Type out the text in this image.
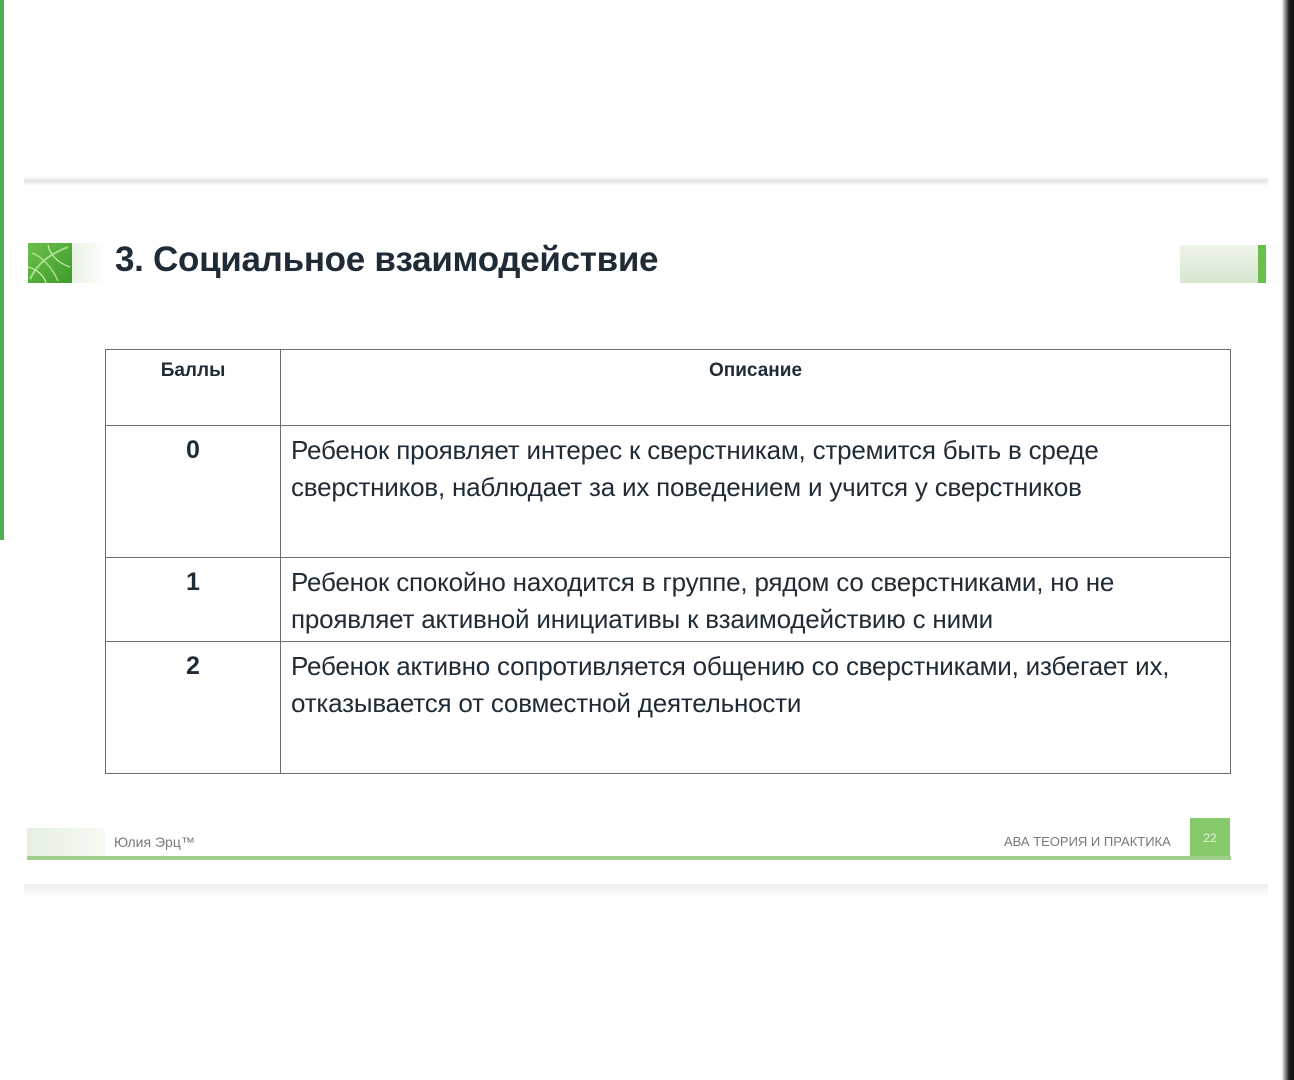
3. Социальное взаимодействие
Баллы	Описание
0	Ребенок проявляет интерес к сверстникам, стремится быть в среде сверстников, наблюдает за их поведением и учится у сверстников
1	Ребенок спокойно находится в группе, рядом со сверстниками, но не проявляет активной инициативы к взаимодействию с ними
2	Ребенок активно сопротивляется общению со сверстниками, избегает их, отказывается от совместной деятельности
Юлия Эрц™	АВА ТЕОРИЯ И ПРАКТИКА	22
